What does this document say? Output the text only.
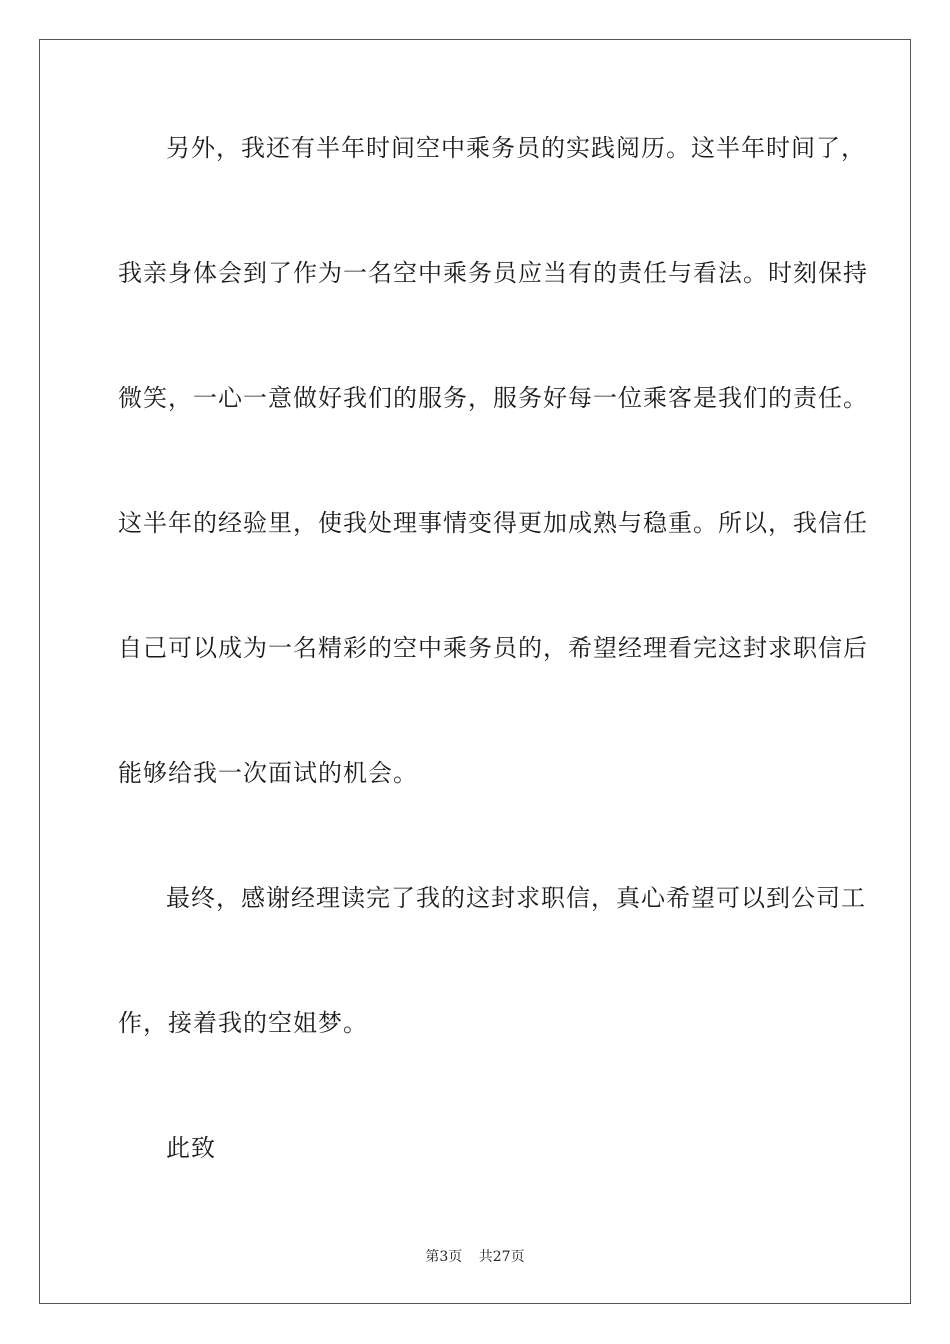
另外，我还有半年时间空中乘务员的实践阅历。这半年时间了，
我亲身体会到了作为一名空中乘务员应当有的责任与看法。时刻保持
微笑，一心一意做好我们的服务，服务好每一位乘客是我们的责任。
这半年的经验里，使我处理事情变得更加成熟与稳重。所以，我信任
自己可以成为一名精彩的空中乘务员的，希望经理看完这封求职信后
能够给我一次面试的机会。
最终，感谢经理读完了我的这封求职信，真心希望可以到公司工
作，接着我的空姐梦。
此致
第3页 共27页
